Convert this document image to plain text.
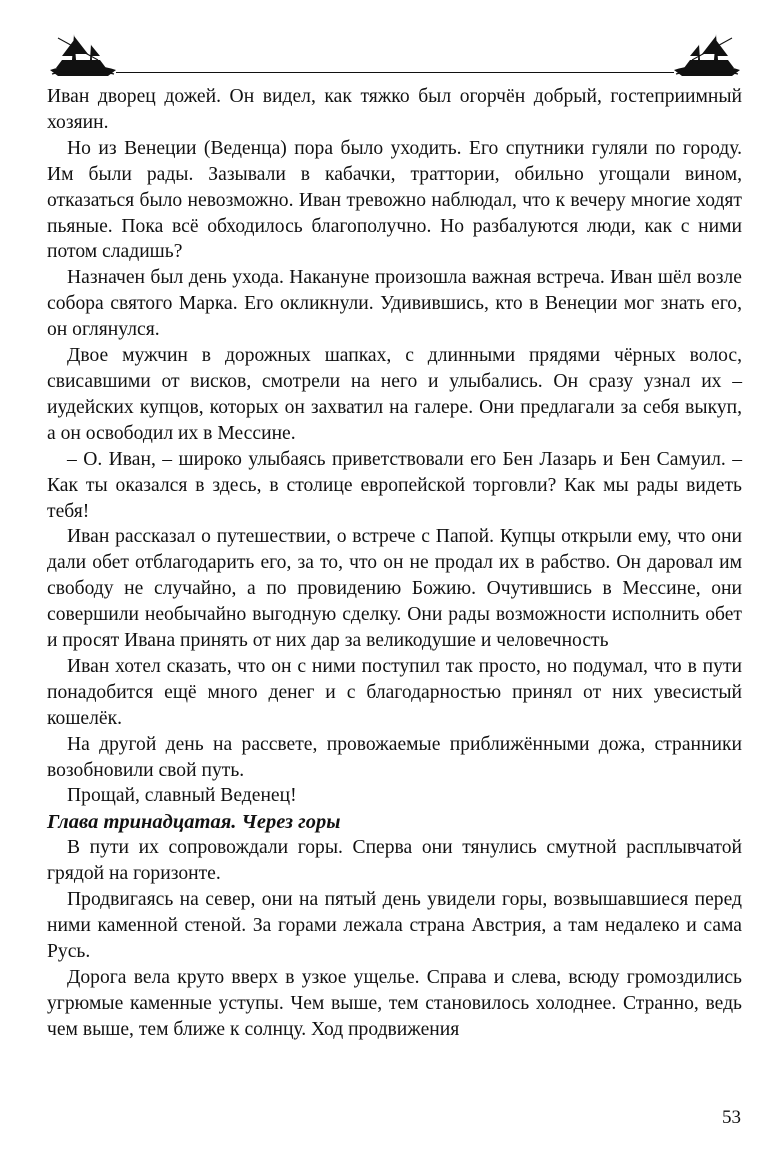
Иван дворец дожей. Он видел, как тяжко был огорчён добрый, гостеприимный хозяин.

Но из Венеции (Веденца) пора было уходить. Его спутники гуляли по городу. Им были рады. Зазывали в кабачки, траттории, обильно угощали вином, отказаться было невозможно. Иван тревожно наблюдал, что к вечеру многие ходят пьяные. Пока всё обходилось благополучно. Но разбалуются люди, как с ними потом сладишь?

Назначен был день ухода. Накануне произошла важная встреча. Иван шёл возле собора святого Марка. Его окликнули. Удивившись, кто в Венеции мог знать его, он оглянулся.

Двое мужчин в дорожных шапках, с длинными прядями чёрных волос, свисавшими от висков, смотрели на него и улыбались. Он сразу узнал их – иудейских купцов, которых он захватил на галере. Они предлагали за себя выкуп, а он освободил их в Мессине.

– О. Иван, – широко улыбаясь приветствовали его Бен Лазарь и Бен Самуил. – Как ты оказался в здесь, в столице европейской торговли? Как мы рады видеть тебя!

Иван рассказал о путешествии, о встрече с Папой. Купцы открыли ему, что они дали обет отблагодарить его, за то, что он не продал их в рабство. Он даровал им свободу не случайно, а по провидению Божию. Очутившись в Мессине, они совершили необычайно выгодную сделку. Они рады возможности исполнить обет и просят Ивана принять от них дар за великодушие и человечность

Иван хотел сказать, что он с ними поступил так просто, но подумал, что в пути понадобится ещё много денег и с благодарностью принял от них увесистый кошелёк.

На другой день на рассвете, провожаемые приближёнными дожа, странники возобновили свой путь.

Прощай, славный Веденец!

Глава тринадцатая. Через горы

В пути их сопровождали горы. Сперва они тянулись смутной расплывчатой грядой на горизонте.

Продвигаясь на север, они на пятый день увидели горы, возвышавшиеся перед ними каменной стеной. За горами лежала страна Австрия, а там недалеко и сама Русь.

Дорога вела круто вверх в узкое ущелье. Справа и слева, всюду громоздились угрюмые каменные уступы. Чем выше, тем становилось холоднее. Странно, ведь чем выше, тем ближе к солнцу. Ход продвижения

53
